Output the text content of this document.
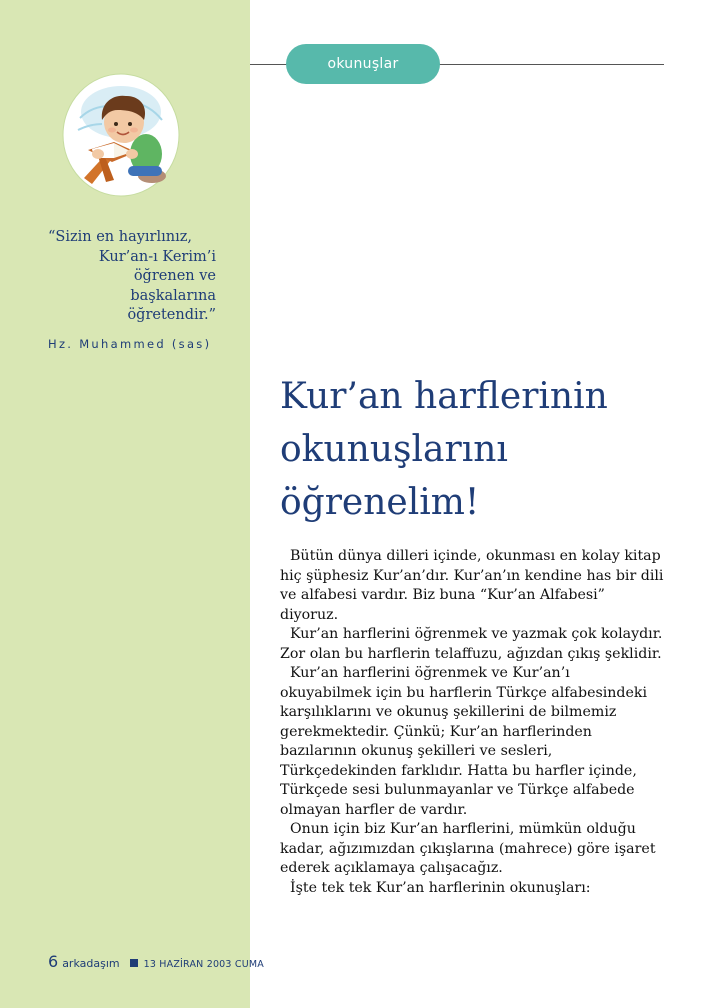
okunuşlar
“Sizin en hayırlınız,
Kur’an-ı Kerim’i
öğrenen ve
başkalarına
öğretendir.”
Hz. Muhammed (sas)
Kur’an harflerinin
okunuşlarını
öğrenelim!

Bütün dünya dilleri içinde, okunması en kolay kitap hiç şüphesiz Kur’an’dır. Kur’an’ın kendine has bir dili ve alfabesi vardır. Biz buna “Kur’an Alfabesi” diyoruz.

Kur’an harflerini öğrenmek ve yazmak çok kolaydır. Zor olan bu harflerin telaffuzu, ağızdan çıkış şeklidir.

Kur’an harflerini öğrenmek ve Kur’an’ı okuyabilmek için bu harflerin Türkçe alfabesindeki karşılıklarını ve okunuş şekillerini de bilmemiz gerekmektedir. Çünkü; Kur’an harflerinden bazılarının okunuş şekilleri ve sesleri, Türkçedekinden farklıdır. Hatta bu harfler içinde, Türkçede sesi bulunmayanlar ve Türkçe alfabede olmayan harfler de vardır.

Onun için biz Kur’an harflerini, mümkün olduğu kadar, ağızımızdan çıkışlarına (mahrece) göre işaret ederek açıklamaya çalışacağız.

İşte tek tek Kur’an harflerinin okunuşları:

6 arkadaşım	13 HAZİRAN 2003 CUMA
